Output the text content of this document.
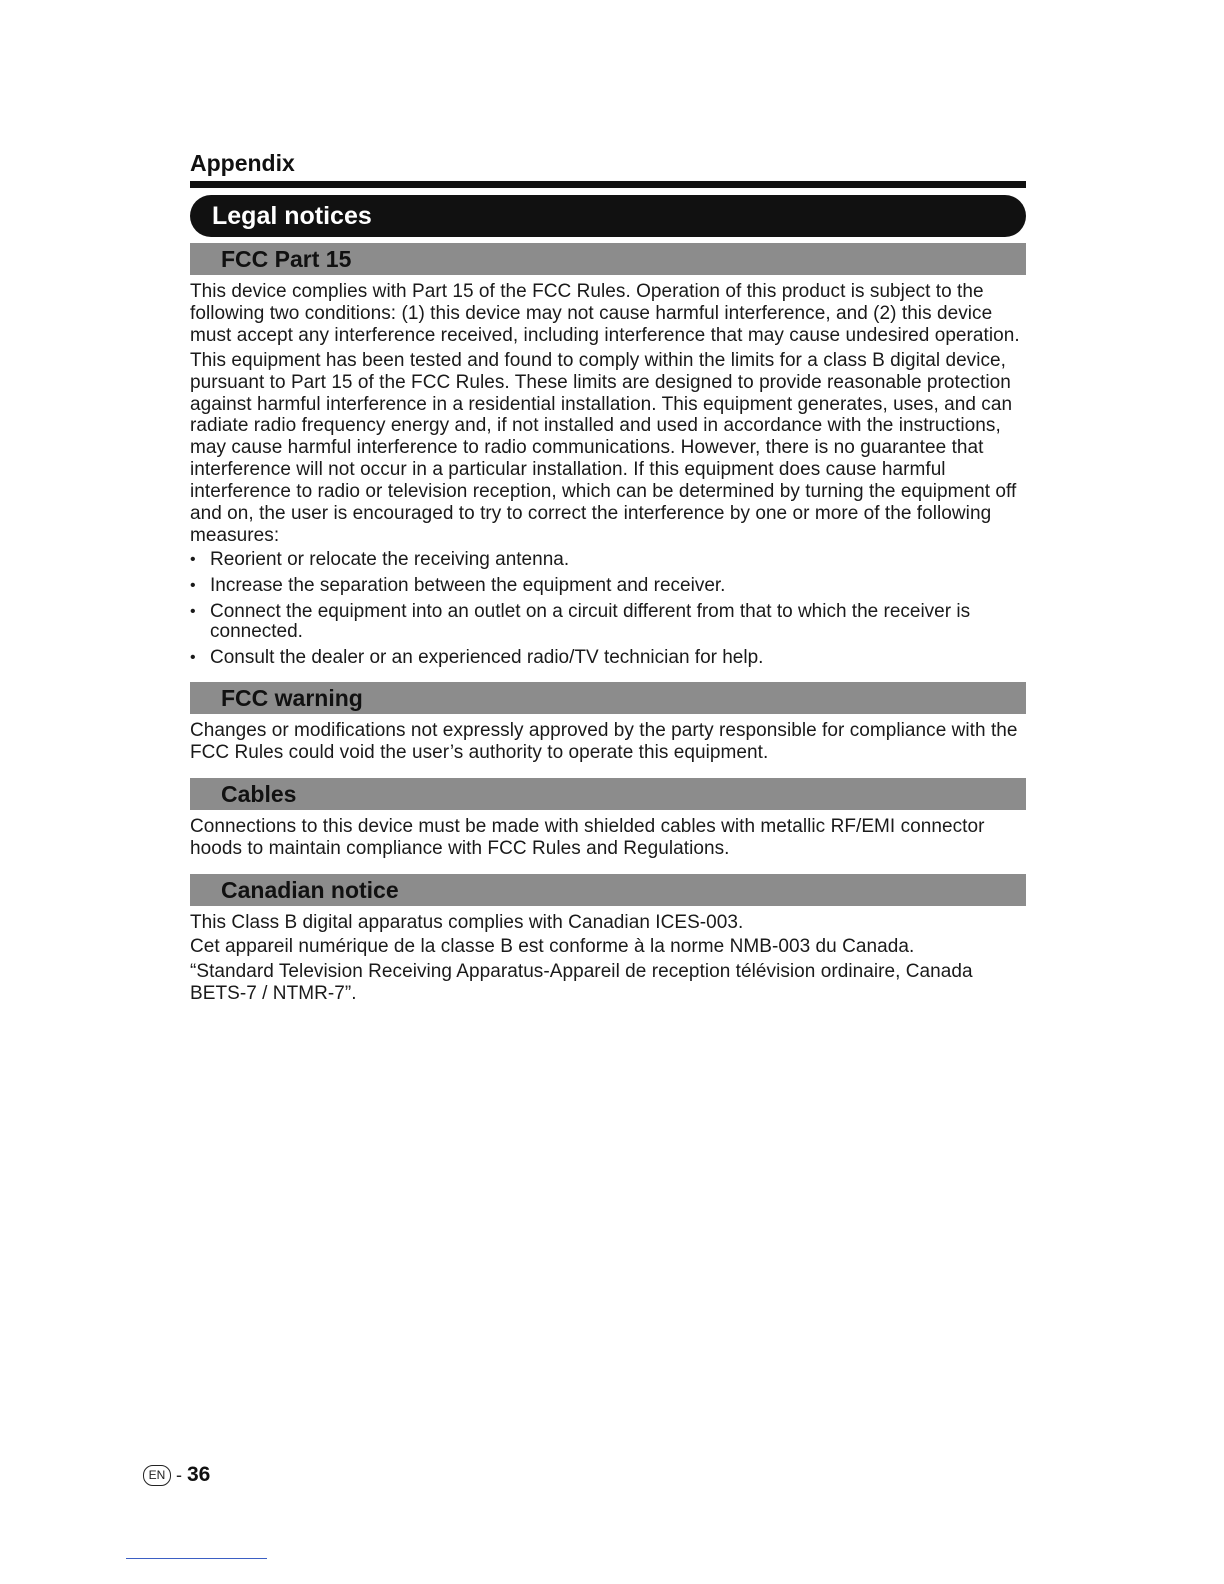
Appendix
Legal notices
FCC Part 15

This device complies with Part 15 of the FCC Rules. Operation of this product is subject to the following two conditions: (1) this device may not cause harmful interference, and (2) this device must accept any interference received, including interference that may cause undesired operation.

This equipment has been tested and found to comply within the limits for a class B digital device, pursuant to Part 15 of the FCC Rules. These limits are designed to provide reasonable protection against harmful interference in a residential installation. This equipment generates, uses, and can radiate radio frequency energy and, if not installed and used in accordance with the instructions, may cause harmful interference to radio communications. However, there is no guarantee that interference will not occur in a particular installation. If this equipment does cause harmful interference to radio or television reception, which can be determined by turning the equipment off and on, the user is encouraged to try to correct the interference by one or more of the following measures:

• Reorient or relocate the receiving antenna.
• Increase the separation between the equipment and receiver.
• Connect the equipment into an outlet on a circuit different from that to which the receiver is connected.
• Consult the dealer or an experienced radio/TV technician for help.
FCC warning

Changes or modifications not expressly approved by the party responsible for compliance with the FCC Rules could void the user’s authority to operate this equipment.

Cables

Connections to this device must be made with shielded cables with metallic RF/EMI connector hoods to maintain compliance with FCC Rules and Regulations.

Canadian notice

This Class B digital apparatus complies with Canadian ICES-003.

Cet appareil numérique de la classe B est conforme à la norme NMB-003 du Canada.

“Standard Television Receiving Apparatus-Appareil de reception télévision ordinaire, Canada BETS-7 / NTMR-7”.

EN - 36
